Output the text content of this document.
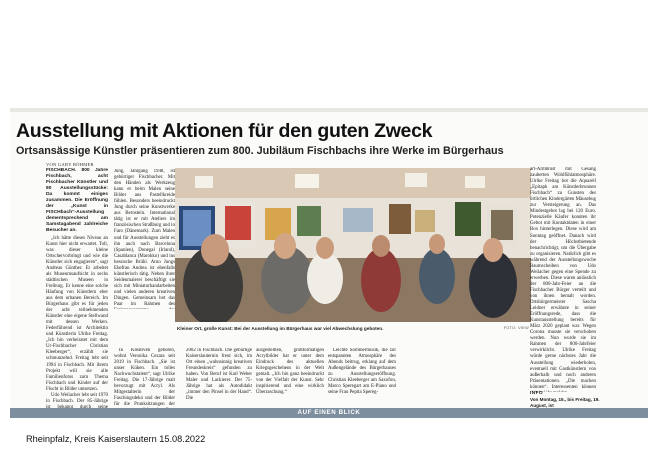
Ausstellung mit Aktionen für den guten Zweck
Ortsansässige Künstler präsentieren zum 800. Jubiläum Fischbachs ihre Werke im Bürgerhaus
VON GABY BÖHMER

FISCHBACH. 800 Jahre Fischbach, acht Fischbacher Künstler und 80 Ausstellungsstücke: Da kommt einiges zusammen. Die Eröffnung der „Kunst in FISCHbach“-Ausstellung dementsprechend am Samstagabend zahlreiche Besucher an.

„Ich hätte dieses Niveau an Kunst hier nicht erwartet. Toll, was dieser kleine Ortschervorbringt und wie die Künstler sich engagieren“, sagt Andreas Günther. Er arbeitet als Museumsaufsicht in sechs städtischen Museen in Freiburg. Er kenne eine solche Häufung von Künstlern eher aus dem urbanen Bereich. Im Bürgerhaus gibt es für jeden der acht teilnehmenden Künstler eine eigene Stellwand mit dessen Werken. Federführend ist Architektin und Künstlerin Ulrike Freitag. „Ich bin verheiratet mit dem Ur-Fischbacher Christian Kleeberger“, erzählt sie schmunzelnd. Freitag lebt seit 1994 in Fischbach. Mit ihrem Projekt will sie alle Familienfotos zum Thema Fischbach und Kinder auf der Flucht in Bilder umsetzen.

Udo Weilacher lebt seit 1970 in Fischbach. Der 85-Jährige

Jung, Jahrgang 1948, ist gebürtiger Fischbacher. Mit den Händen als Werkzeug kann er beim Malen seine Bilder aus Pastellkreide fühlen. Besonders beeindruckt Jung durch seine Kunstwerke aus Bernstein. International tätig ist er mit Ateliers im französischen Straßburg und in Faro (Dänemark). Zum Malen und für Ausstellungen zieht es ihn auch nach Barcelona (Spanien), Donegal (Irland), Casablanca (Marokko) und ins hessische Brühl. Arno Jungs Ehefrau Andrea ist ebenfalls künstlerisch tätig. Neben ihrer Seidenmalerei beschäftigt sie sich mit Miniaturhandarbeiten und vielen anderen kreativen Dingen. Gemeinsam bot das Paar im Rahmen des

Kleiner Ort, große Kunst: Bei der Ausstellung im Bürgerhaus war viel Abwechslung geboten.	FOTO: VIEW

art-Armbrust mit Gesang zauberten Wohlfühlatmosphäre. Ulrike Freitag bot die Aquarell „Epitaph am Künstlerbrunnen Fischbach“ zu Gunsten des örtlichen Kindergärten Mäusebug zur Versteigerung an. Das Mindestgebot lag bei 120 Euro. Potenzielle Käufer konnten ihr Gebot mit Kontaktdaten in einer Box hinterlegen. Diese wird am Sonntag geöffnet. Danach wird der Höchstbietende benachrichtigt, um die Übergabe zu organisieren. Natürlich gibt es während der Ausstellungswoche Baumscheiben von Udo Weilacher gegen eine Spende zu erwerben. Diese waren anlässlich der 800-Jahr-Feier an die Fischbacher Bürger verteilt und von ihnen bemalt worden. Ortsbürgermeister Sascha Leidner erwähnte in seiner Eröffnungsrede, dass die Kunstausstellung bereits für März 2020 geplant war. Wegen Corona musste sie verschoben werden. Nun wurde sie im Rahmen der 800-Jahrfeier verwirklicht. Ulrike Freitag würde gerne nächstes Jahr die Ausstellung wiederholen, eventuell mit Gastkünstlern von außerhalb und noch anderen Präsentationen. „Die machen können“. Interessenten können

In Kreativen geboren, wohnt Veronika Cezara seit 2019 in Fischbach. „Sie ist unser Küken. Ein tolles Nachwuchstalent“, sagt Ulrike Freitag. Die 17-Jährige malt bevorzugt mit Acryl. Als Mitgestalterin der Faschingsdeko und der Bilder für die Prunksitzungen der

2002 in Fischbach. Die gebürtige Kaiserslauternin freut sich, im Ort einen „wahnsinnig kreativen Freundeskreis“ gefunden zu haben. Von Beruf ist Karl Weber Maler und Lackierer. Der 75-Jährige hat als Autodidakt „immer den Pinsel in der Hand“. Die

ausgestellten, großformatigen Acrylbilder hat er unter dem Eindruck des aktuellen Kriegsgeschehens in der Welt gemalt. „Ich bin ganz beeindruckt von der Vielfalt der Kunst. Sehr inspirierend und eine wirklich Überraschung.“

Leichte Sommermusik, die zur entspannten Atmosphäre des Abends beitrug, erklang auf dem Außengelände des Bürgerhauses zu Ausstellungseröffnung. Christian Kleeberger am Saxofon, Marco Speregart am E-Piano und seine Frau Pepita Spereg-	INFO
Von Montag, 15., bis Freitag, 19. August, ist

AUF EINEN BLICK
Rheinpfalz, Kreis Kaiserslautern 15.08.2022
